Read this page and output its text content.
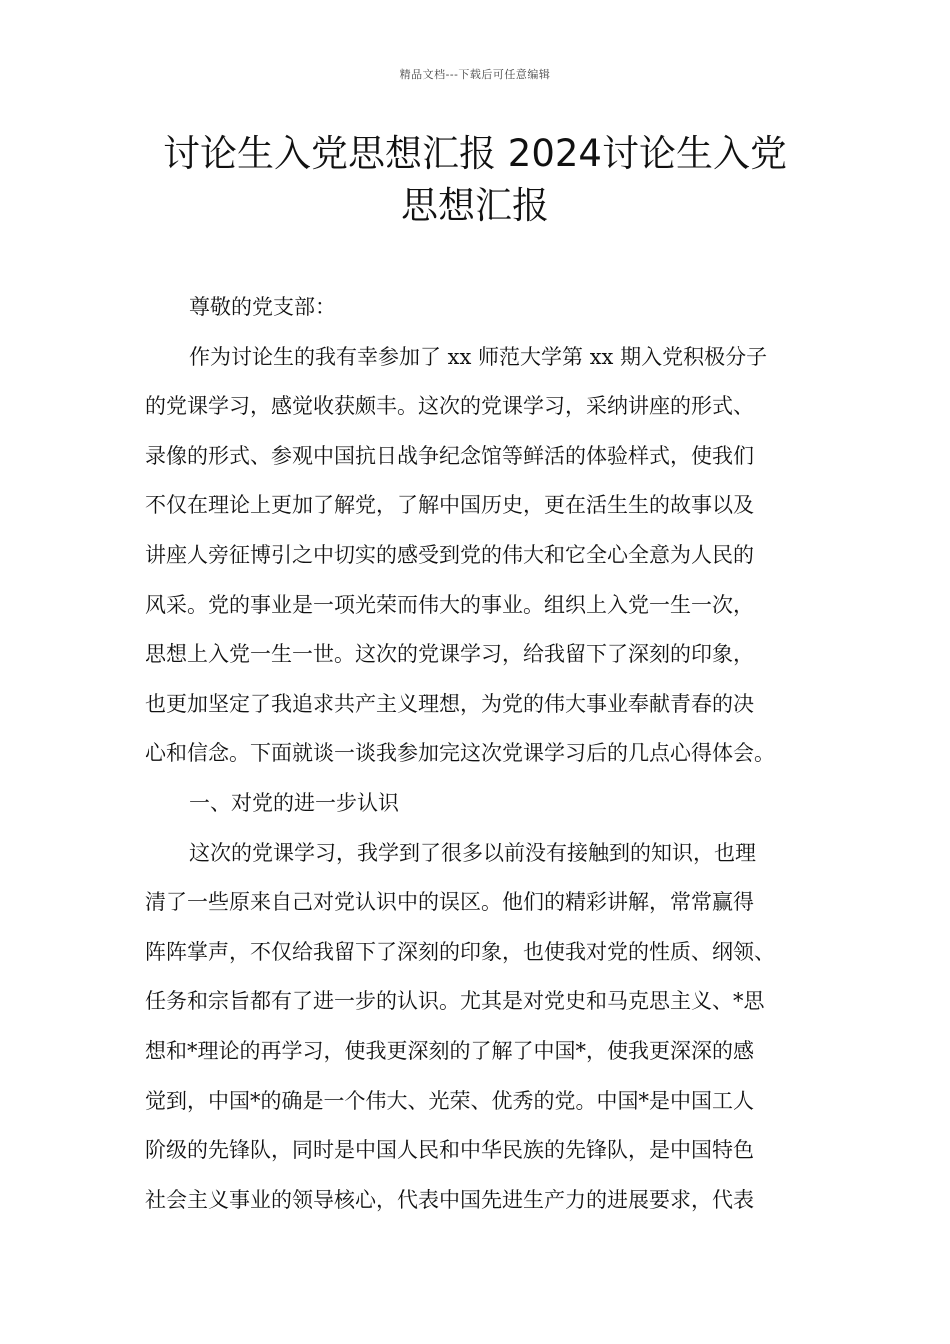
精品文档---下载后可任意编辑
讨论生入党思想汇报 2024讨论生入党
思想汇报
尊敬的党支部：
作为讨论生的我有幸参加了 xx 师范大学第 xx 期入党积极分子
的党课学习，感觉收获颇丰。这次的党课学习，采纳讲座的形式、
录像的形式、参观中国抗日战争纪念馆等鲜活的体验样式，使我们
不仅在理论上更加了解党，了解中国历史，更在活生生的故事以及
讲座人旁征博引之中切实的感受到党的伟大和它全心全意为人民的
风采。党的事业是一项光荣而伟大的事业。组织上入党一生一次，
思想上入党一生一世。这次的党课学习，给我留下了深刻的印象，
也更加坚定了我追求共产主义理想，为党的伟大事业奉献青春的决
心和信念。下面就谈一谈我参加完这次党课学习后的几点心得体会。
一、对党的进一步认识
这次的党课学习，我学到了很多以前没有接触到的知识，也理
清了一些原来自己对党认识中的误区。他们的精彩讲解，常常赢得
阵阵掌声，不仅给我留下了深刻的印象，也使我对党的性质、纲领、
任务和宗旨都有了进一步的认识。尤其是对党史和马克思主义、*思
想和*理论的再学习，使我更深刻的了解了中国*，使我更深深的感
觉到，中国*的确是一个伟大、光荣、优秀的党。中国*是中国工人
阶级的先锋队，同时是中国人民和中华民族的先锋队，是中国特色
社会主义事业的领导核心，代表中国先进生产力的进展要求，代表
